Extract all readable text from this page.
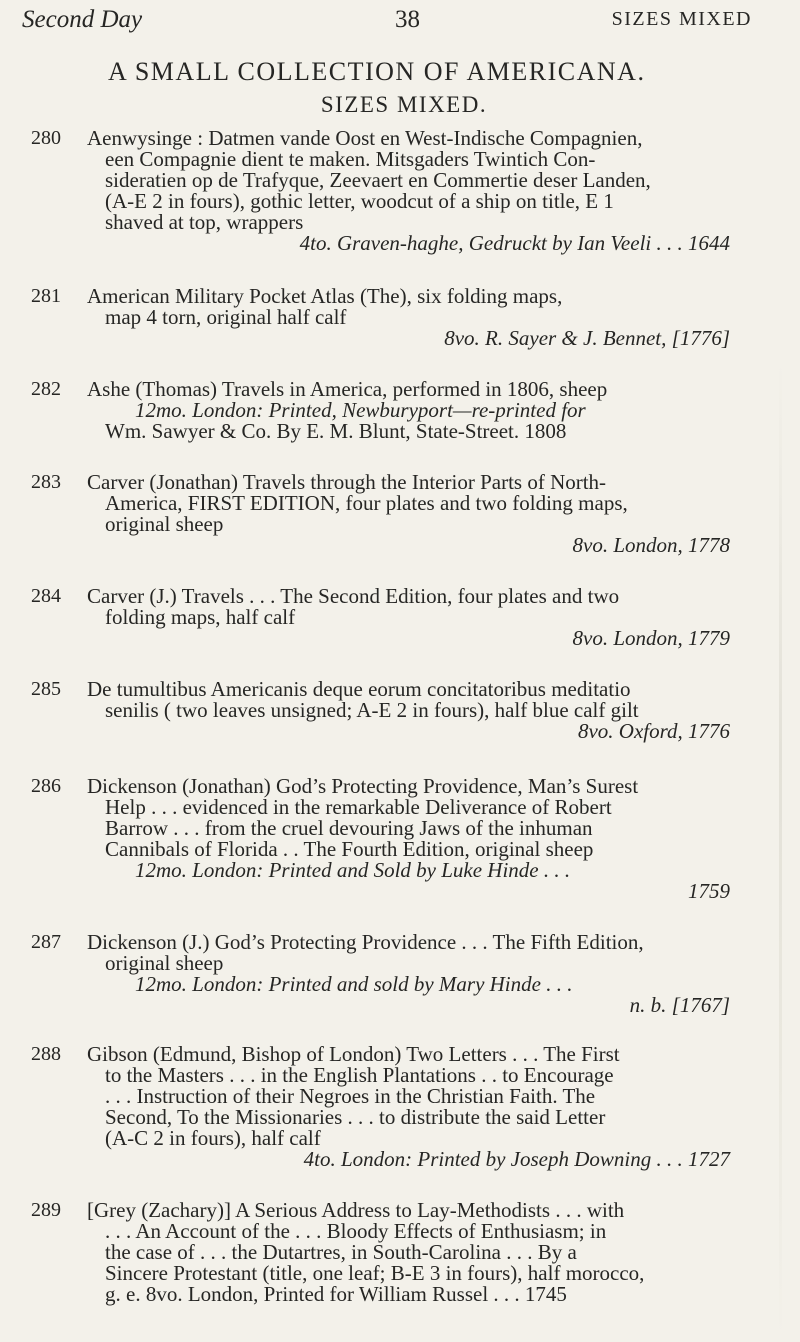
Second Day	38	SIZES MIXED
A SMALL COLLECTION OF AMERICANA.
SIZES MIXED.
280	Aenwysinge : Datmen vande Oost en West-Indische Compagnien,
een Compagnie dient te maken. Mitsgaders Twintich Con-
sideratien op de Trafyque, Zeevaert en Commertie deser Landen,
(A-E 2 in fours), gothic letter, woodcut of a ship on title, E 1
shaved at top, wrappers
4to. Graven-haghe, Gedruckt by Ian Veeli . . . 1644
281	American Military Pocket Atlas (The), six folding maps,
map 4 torn, original half calf
8vo. R. Sayer & J. Bennet, [1776]
282	Ashe (Thomas) Travels in America, performed in 1806, sheep
12mo. London: Printed, Newburyport—re-printed for
Wm. Sawyer & Co. By E. M. Blunt, State-Street. 1808
283	Carver (Jonathan) Travels through the Interior Parts of North-
America, FIRST EDITION, four plates and two folding maps,
original sheep
8vo. London, 1778
284	Carver (J.) Travels . . . The Second Edition, four plates and two
folding maps, half calf
8vo. London, 1779
285	De tumultibus Americanis deque eorum concitatoribus meditatio
senilis ( two leaves unsigned; A-E 2 in fours), half blue calf gilt
8vo. Oxford, 1776
286	Dickenson (Jonathan) God’s Protecting Providence, Man’s Surest
Help . . . evidenced in the remarkable Deliverance of Robert
Barrow . . . from the cruel devouring Jaws of the inhuman
Cannibals of Florida . . The Fourth Edition, original sheep
12mo. London: Printed and Sold by Luke Hinde . . .
1759
287	Dickenson (J.) God’s Protecting Providence . . . The Fifth Edition,
original sheep
12mo. London: Printed and sold by Mary Hinde . . .
n. b. [1767]
288	Gibson (Edmund, Bishop of London) Two Letters . . . The First
to the Masters . . . in the English Plantations . . to Encourage
. . . Instruction of their Negroes in the Christian Faith. The
Second, To the Missionaries . . . to distribute the said Letter
(A-C 2 in fours), half calf
4to. London: Printed by Joseph Downing . . . 1727
289	[Grey (Zachary)] A Serious Address to Lay-Methodists . . . with
. . . An Account of the . . . Bloody Effects of Enthusiasm; in
the case of . . . the Dutartres, in South-Carolina . . . By a
Sincere Protestant (title, one leaf; B-E 3 in fours), half morocco,
g. e. 8vo. London, Printed for William Russel . . . 1745
